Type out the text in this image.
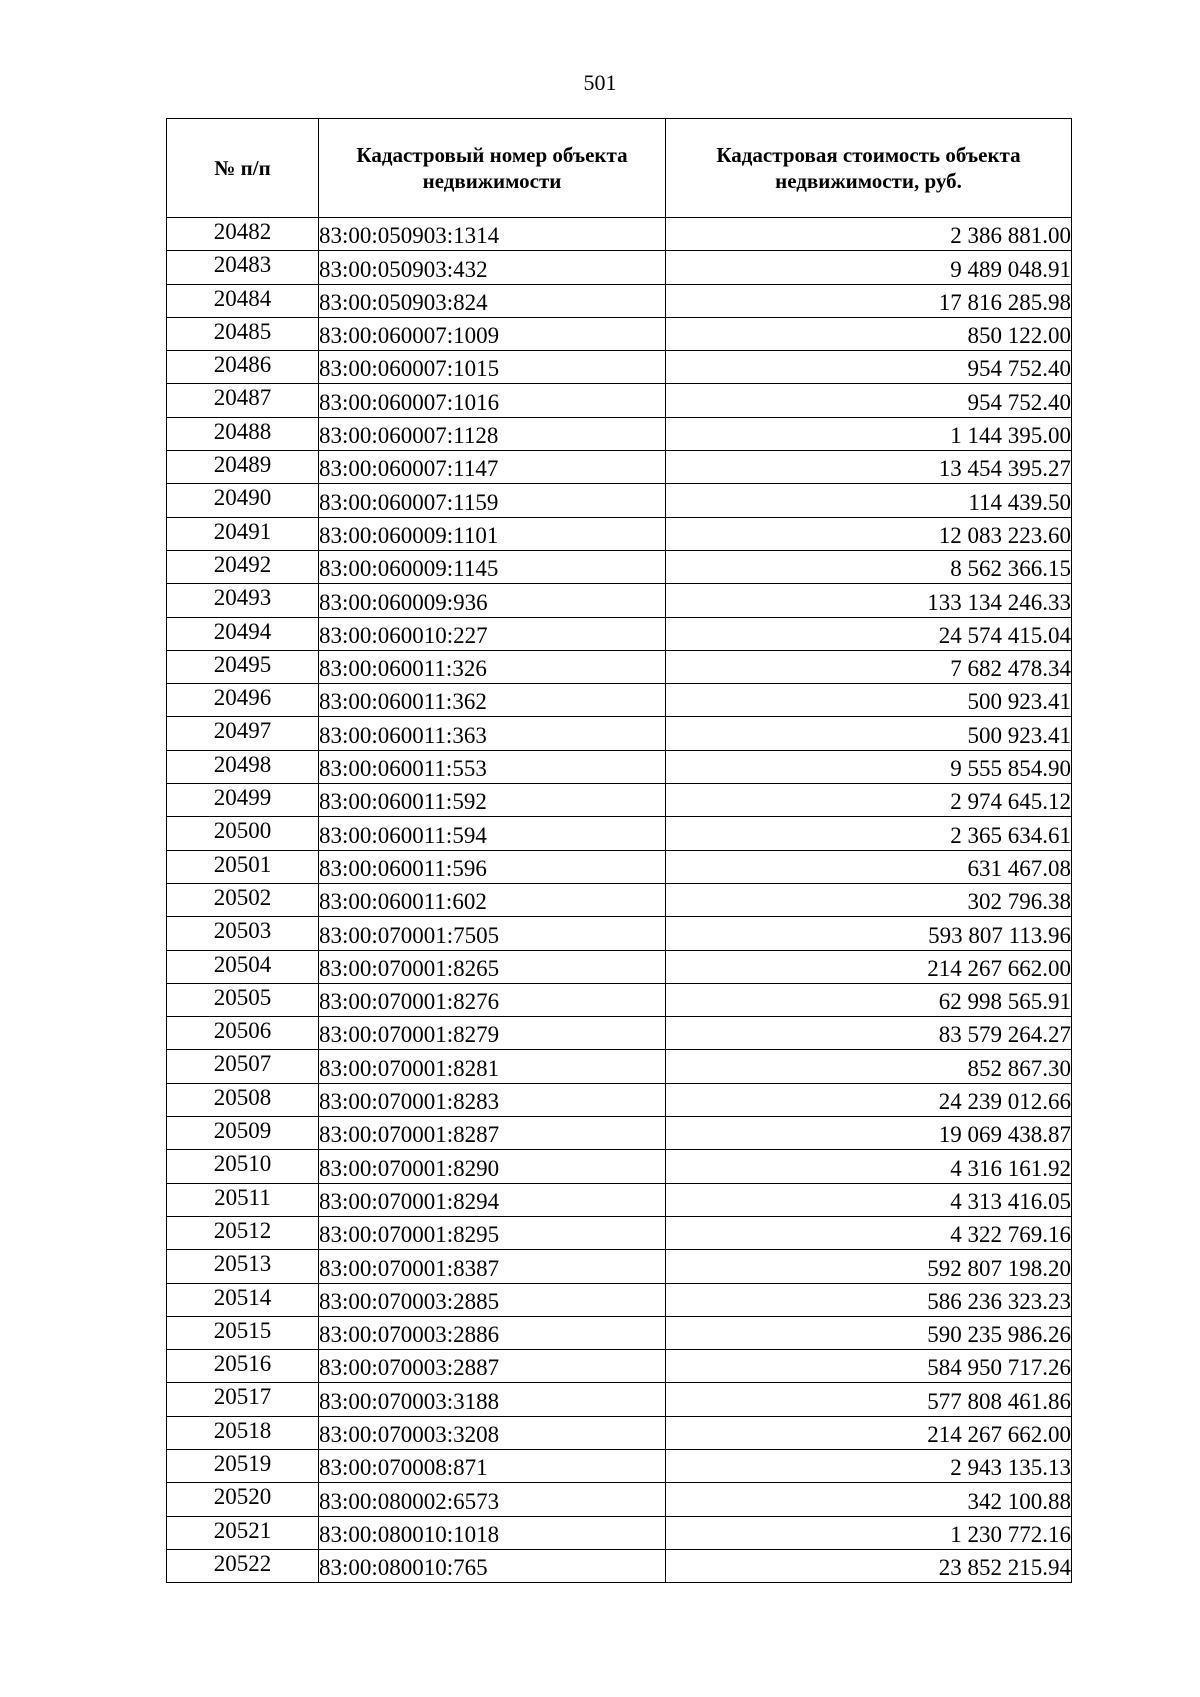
501
№ п/п	Кадастровый номер объекта недвижимости	Кадастровая стоимость объекта недвижимости, руб.
20482	83:00:050903:1314	2 386 881.00
20483	83:00:050903:432	9 489 048.91
20484	83:00:050903:824	17 816 285.98
20485	83:00:060007:1009	850 122.00
20486	83:00:060007:1015	954 752.40
20487	83:00:060007:1016	954 752.40
20488	83:00:060007:1128	1 144 395.00
20489	83:00:060007:1147	13 454 395.27
20490	83:00:060007:1159	114 439.50
20491	83:00:060009:1101	12 083 223.60
20492	83:00:060009:1145	8 562 366.15
20493	83:00:060009:936	133 134 246.33
20494	83:00:060010:227	24 574 415.04
20495	83:00:060011:326	7 682 478.34
20496	83:00:060011:362	500 923.41
20497	83:00:060011:363	500 923.41
20498	83:00:060011:553	9 555 854.90
20499	83:00:060011:592	2 974 645.12
20500	83:00:060011:594	2 365 634.61
20501	83:00:060011:596	631 467.08
20502	83:00:060011:602	302 796.38
20503	83:00:070001:7505	593 807 113.96
20504	83:00:070001:8265	214 267 662.00
20505	83:00:070001:8276	62 998 565.91
20506	83:00:070001:8279	83 579 264.27
20507	83:00:070001:8281	852 867.30
20508	83:00:070001:8283	24 239 012.66
20509	83:00:070001:8287	19 069 438.87
20510	83:00:070001:8290	4 316 161.92
20511	83:00:070001:8294	4 313 416.05
20512	83:00:070001:8295	4 322 769.16
20513	83:00:070001:8387	592 807 198.20
20514	83:00:070003:2885	586 236 323.23
20515	83:00:070003:2886	590 235 986.26
20516	83:00:070003:2887	584 950 717.26
20517	83:00:070003:3188	577 808 461.86
20518	83:00:070003:3208	214 267 662.00
20519	83:00:070008:871	2 943 135.13
20520	83:00:080002:6573	342 100.88
20521	83:00:080010:1018	1 230 772.16
20522	83:00:080010:765	23 852 215.94
